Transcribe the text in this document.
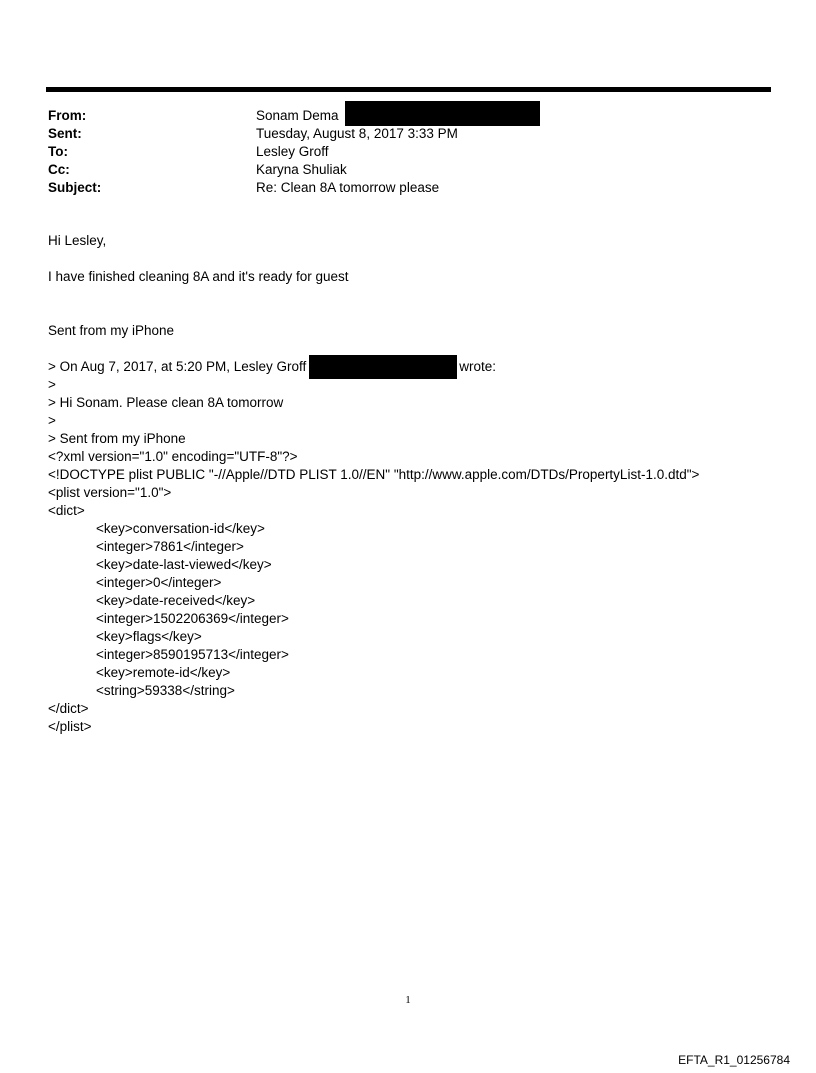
From:	Sonam Dema
Sent:	Tuesday, August 8, 2017 3:33 PM
To:	Lesley Groff
Cc:	Karyna Shuliak
Subject:	Re: Clean 8A tomorrow please
Hi Lesley,
I have finished cleaning 8A and it's ready for guest
Sent from my iPhone
> On Aug 7, 2017, at 5:20 PM, Lesley Groff	wrote:
>
> Hi Sonam. Please clean 8A tomorrow
>
> Sent from my iPhone
<?xml version="1.0" encoding="UTF-8"?>
<!DOCTYPE plist PUBLIC "-//Apple//DTD PLIST 1.0//EN" "http://www.apple.com/DTDs/PropertyList-1.0.dtd">
<plist version="1.0">
<dict>
<key>conversation-id</key>
<integer>7861</integer>
<key>date-last-viewed</key>
<integer>0</integer>
<key>date-received</key>
<integer>1502206369</integer>
<key>flags</key>
<integer>8590195713</integer>
<key>remote-id</key>
<string>59338</string>
</dict>
</plist>
1
EFTA_R1_01256784
